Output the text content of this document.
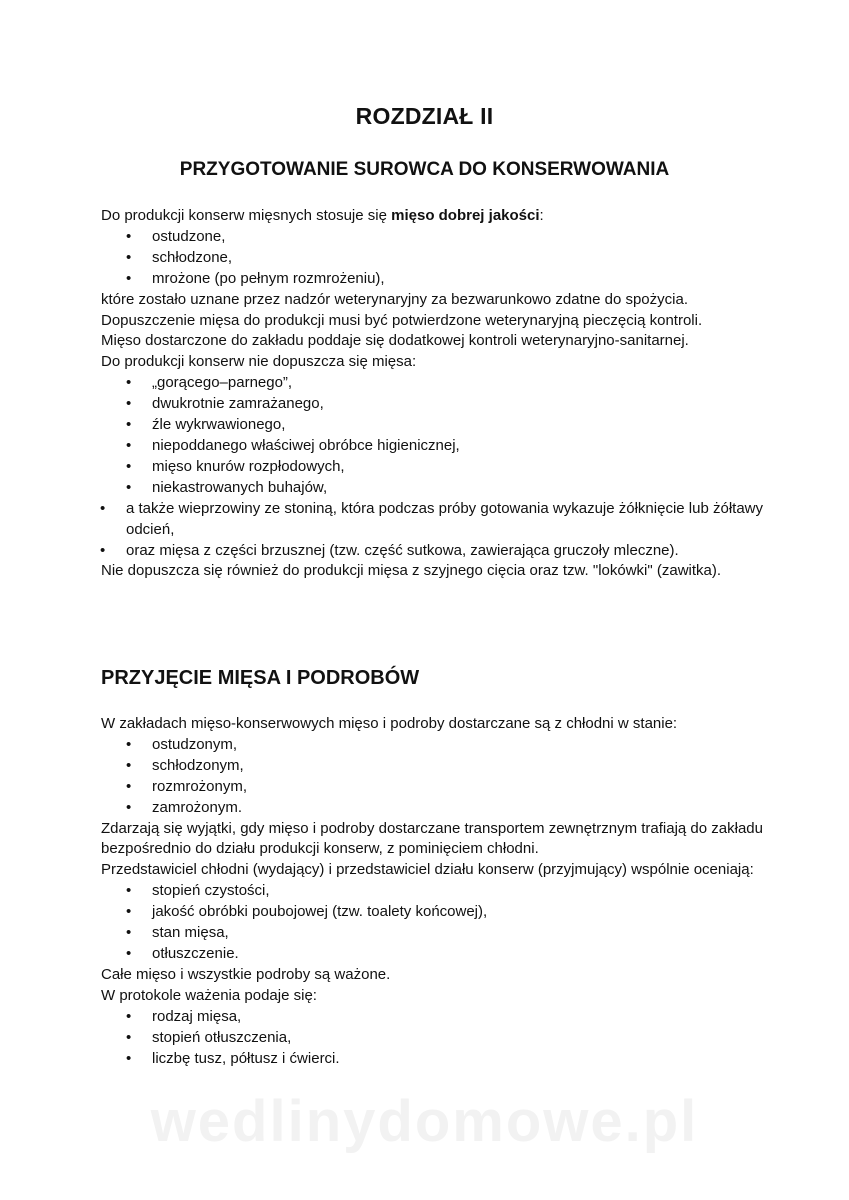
ROZDZIAŁ II
PRZYGOTOWANIE SUROWCA DO KONSERWOWANIA

Do produkcji konserw mięsnych stosuje się mięso dobrej jakości:

• ostudzone,
• schłodzone,
• mrożone (po pełnym rozmrożeniu),

które zostało uznane przez nadzór weterynaryjny za bezwarunkowo zdatne do spożycia.

Dopuszczenie mięsa do produkcji musi być potwierdzone weterynaryjną pieczęcią kontroli.

Mięso dostarczone do zakładu poddaje się dodatkowej kontroli weterynaryjno-sanitarnej.

Do produkcji konserw nie dopuszcza się mięsa:

• „gorącego–parnego”,
• dwukrotnie zamrażanego,
• źle wykrwawionego,
• niepoddanego właściwej obróbce higienicznej,
• mięso knurów rozpłodowych,
• niekastrowanych buhajów,
• a także wieprzowiny ze stoniną, która podczas próby gotowania wykazuje żółknięcie lub żółtawy odcień,
• oraz mięsa z części brzusznej (tzw. część sutkowa, zawierająca gruczoły mleczne).

Nie dopuszcza się również do produkcji mięsa z szyjnego cięcia oraz tzw. "lokówki" (zawitka).

PRZYJĘCIE MIĘSA I PODROBÓW

W zakładach mięso-konserwowych mięso i podroby dostarczane są z chłodni w stanie:

• ostudzonym,
• schłodzonym,
• rozmrożonym,
• zamrożonym.

Zdarzają się wyjątki, gdy mięso i podroby dostarczane transportem zewnętrznym trafiają do zakładu bezpośrednio do działu produkcji konserw, z pominięciem chłodni.

Przedstawiciel chłodni (wydający) i przedstawiciel działu konserw (przyjmujący) wspólnie oceniają:

• stopień czystości,
• jakość obróbki poubojowej (tzw. toalety końcowej),
• stan mięsa,
• otłuszczenie.

Całe mięso i wszystkie podroby są ważone.

W protokole ważenia podaje się:

• rodzaj mięsa,
• stopień otłuszczenia,
• liczbę tusz, półtusz i ćwierci.
wedlinydomowe.pl
